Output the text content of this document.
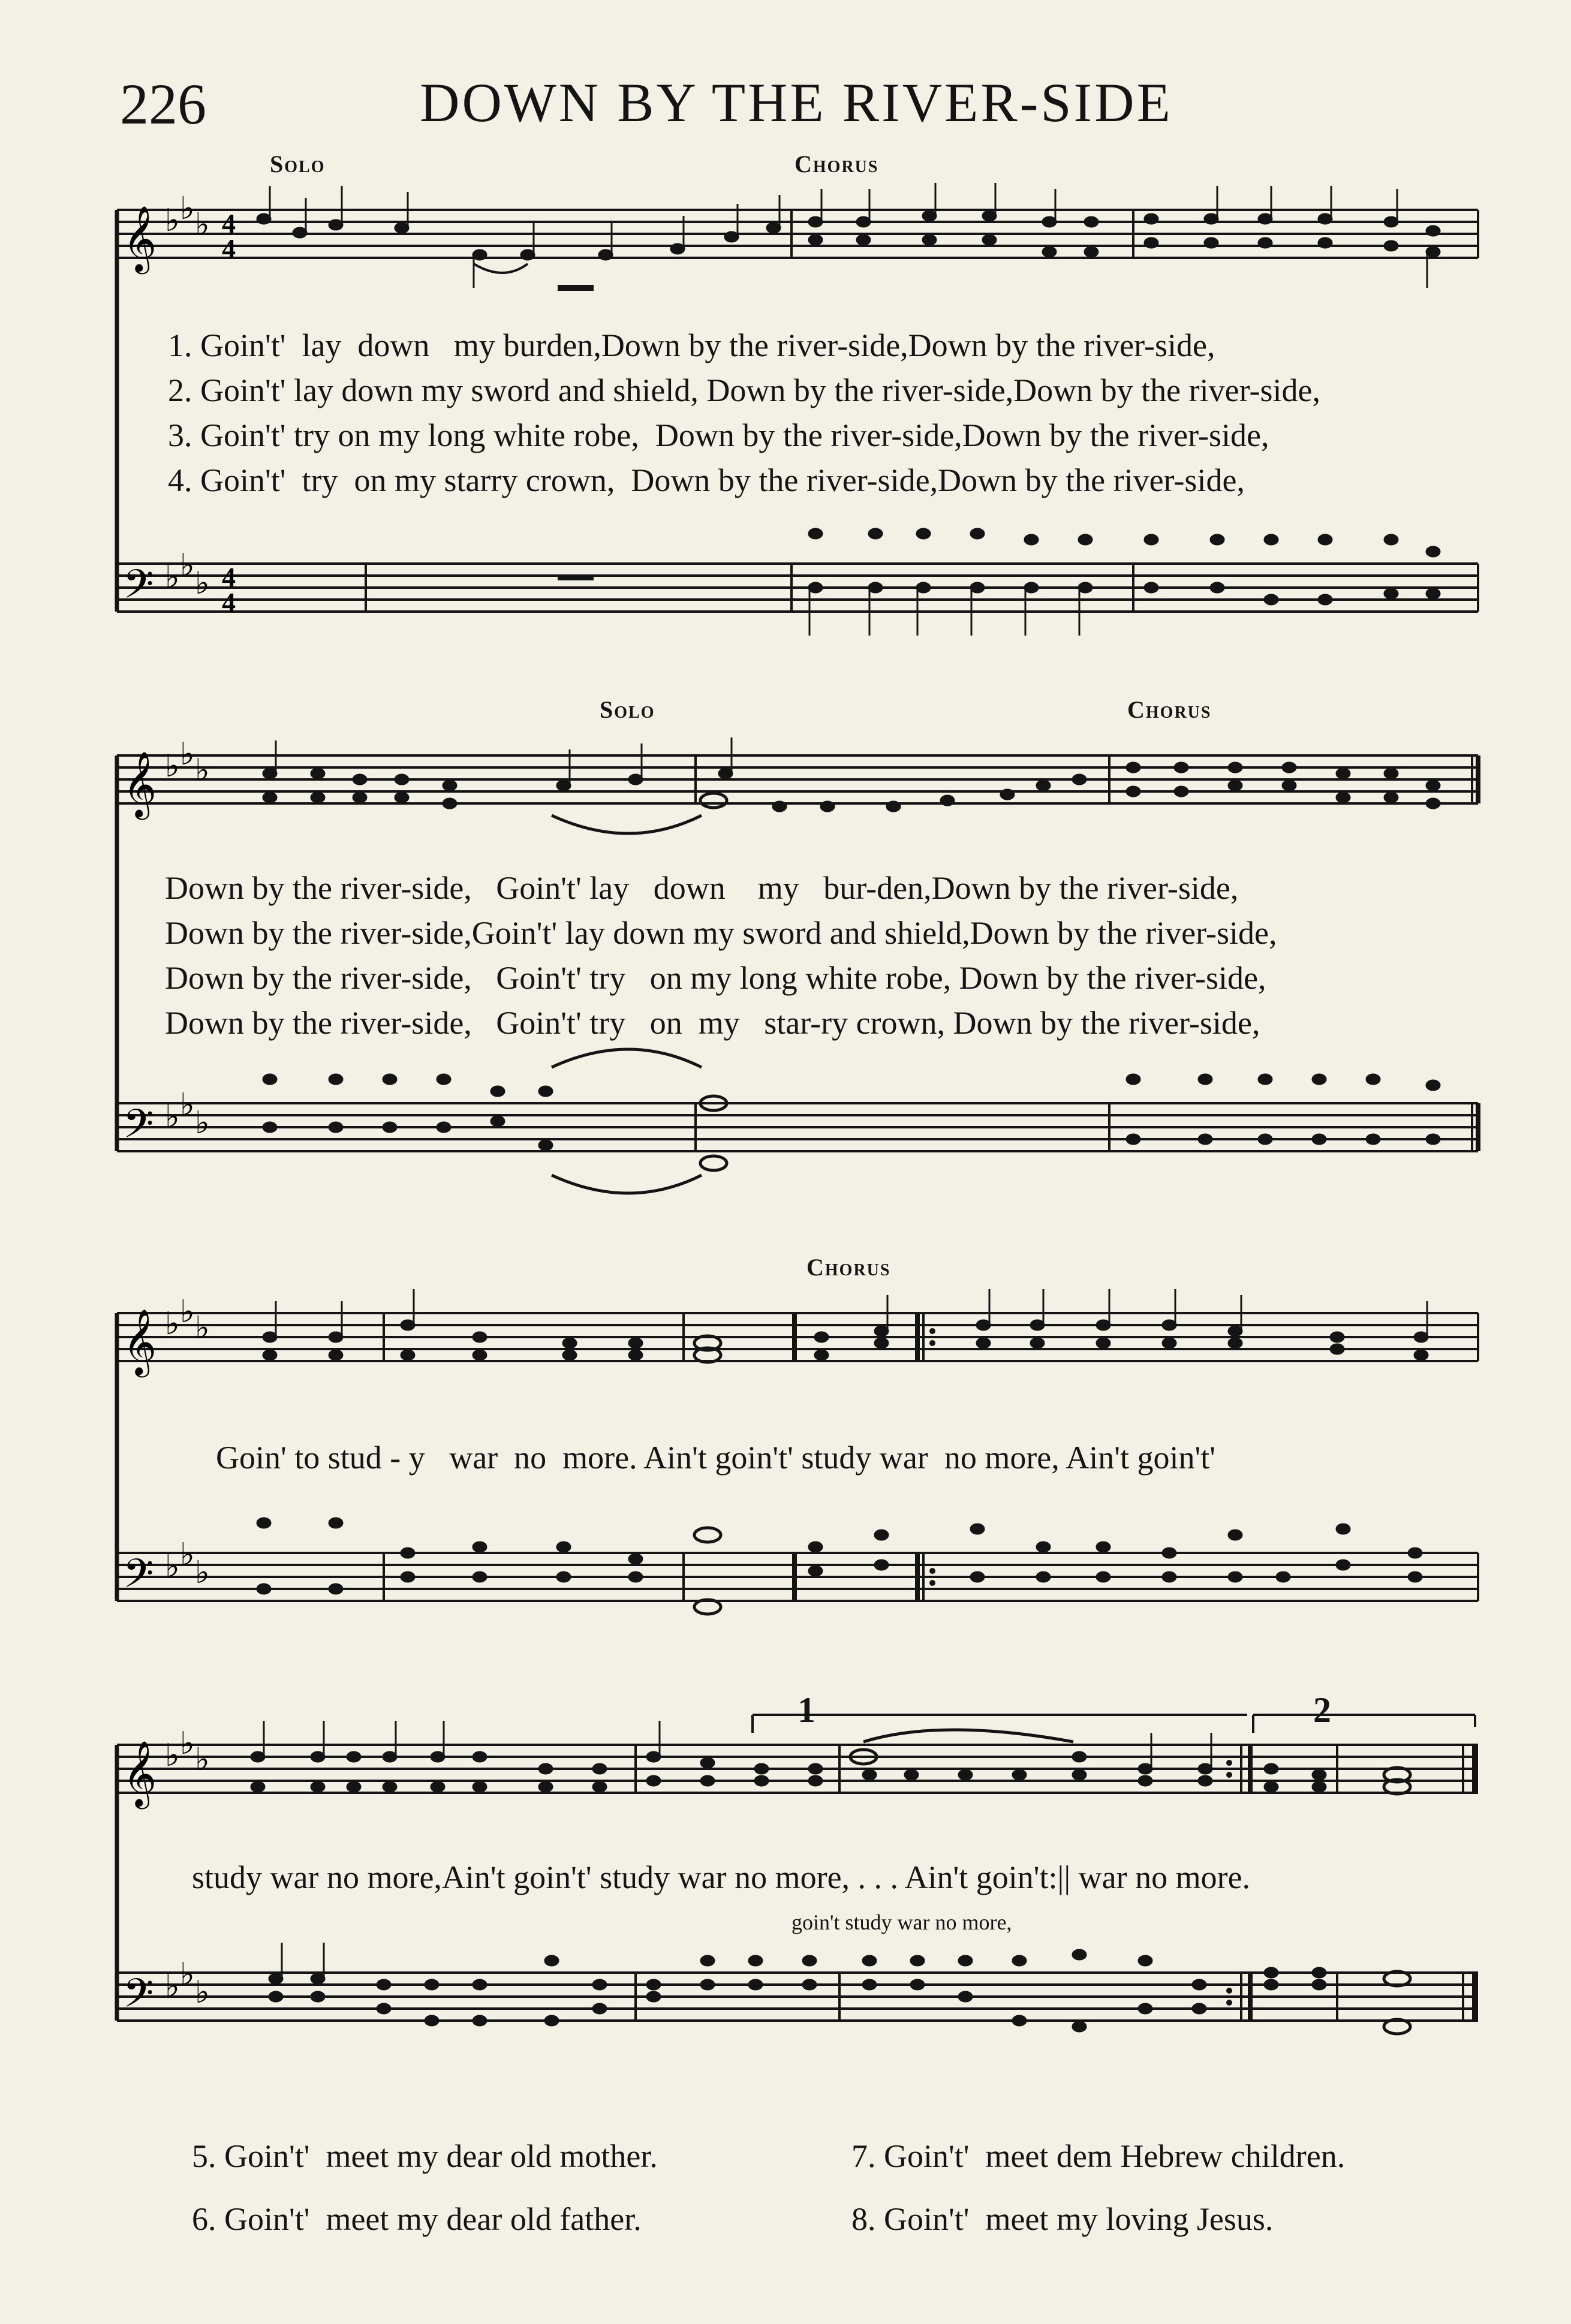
226	DOWN BY THE RIVER-SIDE
Solo	Chorus
𝄞
𝄢
♭ ♭ ♭
♭ ♭ ♭
4
4
4
4
1. Goin't'  lay  down   my burden,Down by the river-side,Down by the river-side,
2. Goin't' lay down my sword and shield, Down by the river-side,Down by the river-side,
3. Goin't' try on my long white robe,  Down by the river-side,Down by the river-side,
4. Goin't'  try  on my starry crown,  Down by the river-side,Down by the river-side,
Solo	Chorus
𝄞
𝄢
♭ ♭ ♭
♭ ♭ ♭
Down by the river-side,   Goin't' lay   down    my   bur-den,Down by the river-side,
Down by the river-side,Goin't' lay down my sword and shield,Down by the river-side,
Down by the river-side,   Goin't' try   on my long white robe, Down by the river-side,
Down by the river-side,   Goin't' try   on  my   star-ry crown, Down by the river-side,
Chorus
𝄞
𝄢
♭ ♭ ♭
♭ ♭ ♭
Goin' to stud - y   war  no  more. Ain't goin't' study war  no more, Ain't goin't'
1	2
𝄞
𝄢
♭ ♭ ♭
♭ ♭ ♭
study war no more,Ain't goin't' study war no more, . . . Ain't goin't:|| war no more.
goin't study war no more,
5. Goin't'  meet my dear old mother.
6. Goin't'  meet my dear old father.
7. Goin't'  meet dem Hebrew children.
8. Goin't'  meet my loving Jesus.
